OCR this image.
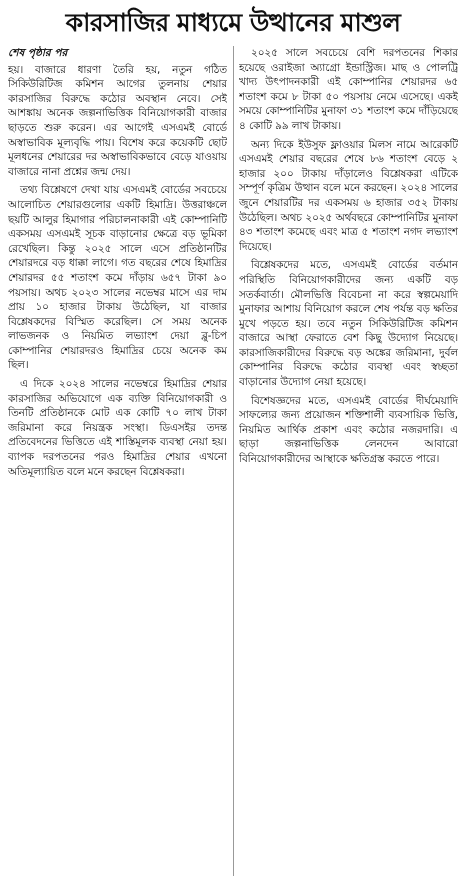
কারসাজির মাধ্যমে উত্থানের মাশুল
শেষ পৃষ্ঠার পর

হয়। বাজারে ধারণা তৈরি হয়, নতুন গঠিত সিকিউরিটিজ কমিশন আগের তুলনায় শেয়ার কারসাজির বিরুদ্ধে কঠোর অবস্থান নেবে। সেই আশঙ্কায় অনেক জল্পনাভিত্তিক বিনিয়োগকারী বাজার ছাড়তে শুরু করেন। এর আগেই এসএমই বোর্ডে অস্বাভাবিক মূল্যবৃদ্ধি পায়। বিশেষ করে কয়েকটি ছোট মূলধনের শেয়ারের দর অস্বাভাবিকভাবে বেড়ে যাওয়ায় বাজারে নানা প্রশ্নের জন্ম দেয়।

তথ্য বিশ্লেষণে দেখা যায় এসএমই বোর্ডের সবচেয়ে আলোচিত শেয়ারগুলোর একটি হিমাদ্রি। উত্তরাঞ্চলে ছয়টি আলুর হিমাগার পরিচালনাকারী এই কোম্পানিটি একসময় এসএমই সূচক বাড়ানোর ক্ষেত্রে বড় ভূমিকা রেখেছিল। কিন্তু ২০২৫ সালে এসে প্রতিষ্ঠানটির শেয়ারদরে বড় ধাক্কা লাগে। গত বছরের শেষে হিমাদ্রির শেয়ারদর ৫৫ শতাংশ কমে দাঁড়ায় ৬৫৭ টাকা ৯০ পয়সায়। অথচ ২০২৩ সালের নভেম্বর মাসে এর দাম প্রায় ১০ হাজার টাকায় উঠেছিল, যা বাজার বিশ্লেষকদের বিস্মিত করেছিল। সে সময় অনেক লাভজনক ও নিয়মিত লভ্যাংশ দেয়া ব্লু-চিপ কোম্পানির শেয়ারদরও হিমাদ্রির চেয়ে অনেক কম ছিল।

এ দিকে ২০২৪ সালের নভেম্বরে হিমাদ্রির শেয়ার কারসাজির অভিযোগে এক ব্যক্তি বিনিয়োগকারী ও তিনটি প্রতিষ্ঠানকে মোট এক কোটি ৭০ লাখ টাকা জরিমানা করে নিয়ন্ত্রক সংস্থা। ডিএসইর তদন্ত প্রতিবেদনের ভিত্তিতে এই শাস্তিমূলক ব্যবস্থা নেয়া হয়। ব্যাপক দরপতনের পরও হিমাদ্রির শেয়ার এখনো অতিমূল্যায়িত বলে মনে করছেন বিশ্লেষকরা।

২০২৫ সালে সবচেয়ে বেশি দরপতনের শিকার হয়েছে ওরাইজা অ্যাগ্রো ইন্ডাস্ট্রিজ। মাছ ও পোলট্রি খাদ্য উৎপাদনকারী এই কোম্পানির শেয়ারদর ৬৫ শতাংশ কমে ৮ টাকা ৫০ পয়সায় নেমে এসেছে। একই সময়ে কোম্পানিটির মুনাফা ৩১ শতাংশ কমে দাঁড়িয়েছে ৪ কোটি ৯৯ লাখ টাকায়।

অন্য দিকে ইউসুফ ফ্লাওয়ার মিলস নামে আরেকটি এসএমই শেয়ার বছরের শেষে ৮৬ শতাংশ বেড়ে ২ হাজার ২০০ টাকায় দাঁড়ালেও বিশ্লেষকরা এটিকে সম্পূর্ণ কৃত্রিম উত্থান বলে মনে করছেন। ২০২৪ সালের জুনে শেয়ারটির দর একসময় ৬ হাজার ৩৫২ টাকায় উঠেছিল। অথচ ২০২৫ অর্থবছরে কোম্পানিটির মুনাফা ৪৩ শতাংশ কমেছে এবং মাত্র ৫ শতাংশ নগদ লভ্যাংশ দিয়েছে।

বিশ্লেষকদের মতে, এসএমই বোর্ডের বর্তমান পরিস্থিতি বিনিয়োগকারীদের জন্য একটি বড় সতর্কবার্তা। মৌলভিত্তি বিবেচনা না করে স্বল্পমেয়াদি মুনাফার আশায় বিনিয়োগ করলে শেষ পর্যন্ত বড় ক্ষতির মুখে পড়তে হয়। তবে নতুন সিকিউরিটিজ কমিশন বাজারে আস্থা ফেরাতে বেশ কিছু উদ্যোগ নিয়েছে। কারসাজিকারীদের বিরুদ্ধে বড় অঙ্কের জরিমানা, দুর্বল কোম্পানির বিরুদ্ধে কঠোর ব্যবস্থা এবং স্বচ্ছতা বাড়ানোর উদ্যোগ নেয়া হয়েছে।

বিশেষজ্ঞদের মতে, এসএমই বোর্ডের দীর্ঘমেয়াদি সাফল্যের জন্য প্রয়োজন শক্তিশালী ব্যবসায়িক ভিত্তি, নিয়মিত আর্থিক প্রকাশ এবং কঠোর নজরদারি। এ ছাড়া জল্পনাভিত্তিক লেনদেন আবারো বিনিয়োগকারীদের আস্থাকে ক্ষতিগ্রস্ত করতে পারে।
